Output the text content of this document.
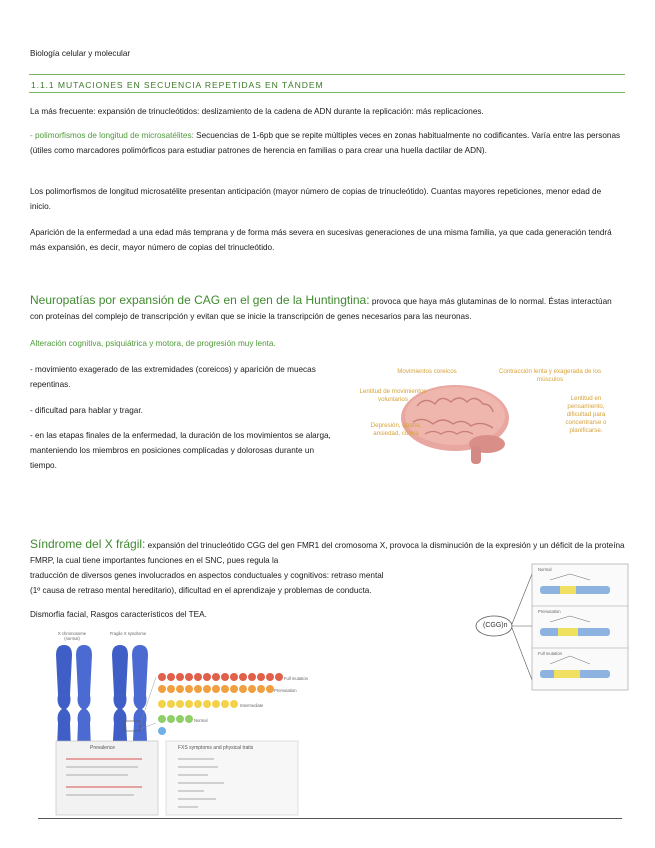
Biología celular y molecular
1.1.1 MUTACIONES EN SECUENCIA REPETIDAS EN TÁNDEM
La más frecuente: expansión de trinucleótidos: deslizamiento de la cadena de ADN durante la replicación: más replicaciones.
- polimorfismos de longitud de microsatélites: Secuencias de 1-6pb que se repite múltiples veces en zonas habitualmente no codificantes. Varía entre las personas (útiles como marcadores polimórficos para estudiar patrones de herencia en familias o para crear una huella dactilar de ADN).
Los polimorfismos de longitud microsatélite presentan anticipación (mayor número de copias de trinucleótido). Cuantas mayores repeticiones, menor edad de inicio.
Aparición de la enfermedad a una edad más temprana y de forma más severa en sucesivas generaciones de una misma familia, ya que cada generación tendrá más expansión, es decir, mayor número de copias del trinucleótido.
Neuropatías por expansión de CAG en el gen de la Huntingtina: provoca que haya más glutaminas de lo normal. Éstas interactúan con proteínas del complejo de transcripción y evitan que se inicie la transcripción de genes necesarios para las neuronas.
Alteración cognitiva, psiquiátrica y motora, de progresión muy lenta.
- movimiento exagerado de las extremidades (coreicos) y aparición de muecas repentinas.
- dificultad para hablar y tragar.
- en las etapas finales de la enfermedad, la duración de los movimientos se alarga, manteniendo los miembros en posiciones complicadas y dolorosas durante un tiempo.
Movimientos coreicos	Contracción lenta y exagerada de los músculos
Lentitud de movimientos voluntarios	Lentitud en pensamiento, dificultad para concentrarse o planificarse.
Depresión, apatía, ansiedad, cólera
Síndrome del X frágil: expansión del trinucleótido CGG del gen FMR1 del cromosoma X, provoca la disminución de la expresión y un déficit de la proteína FMRP, la cual tiene importantes funciones en el SNC, pues regula la
traducción de diversos genes involucrados en aspectos conductuales y cognitivos: retraso mental
(1º causa de retraso mental hereditario), dificultad en el aprendizaje y problemas de conducta.
Dismorfia facial, Rasgos característicos del TEA.
(CGG)n
Normal
Premutation
Full mutation
X chromosome (normal)
Fragile X syndrome
Prevalence	FXS symptoms and physical traits
Full mutation
Premutation
Intermediate
Normal
